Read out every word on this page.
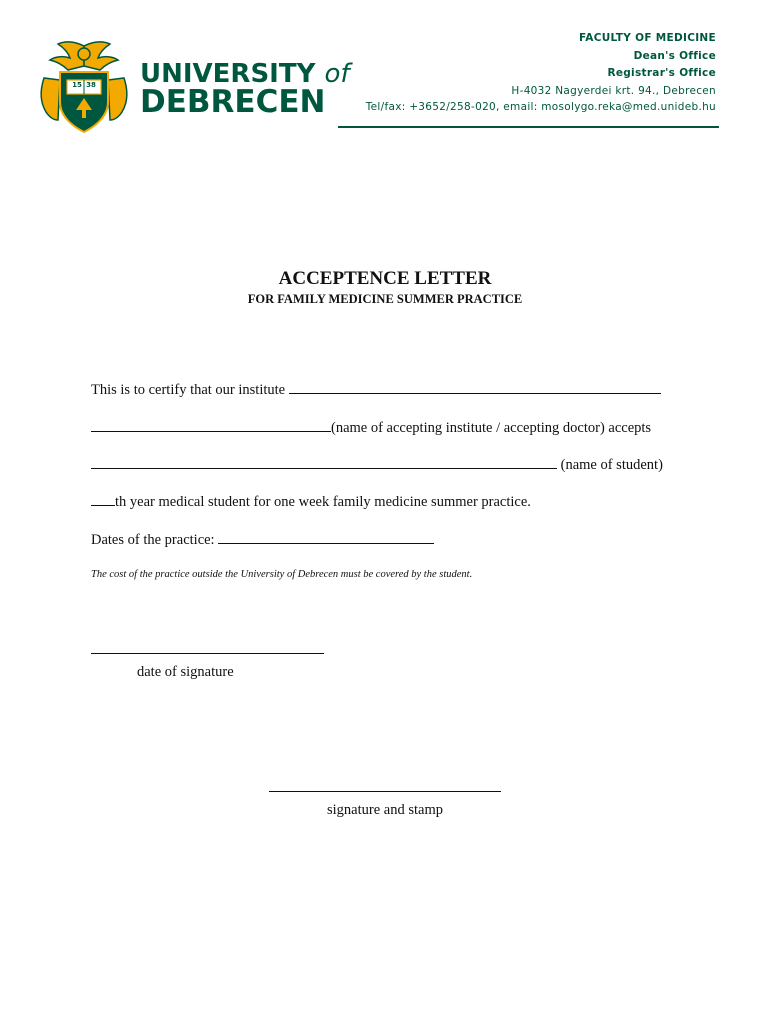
15 38 UNIVERSITY of
DEBRECEN
FACULTY OF MEDICINE
Dean's Office
Registrar's Office
H-4032 Nagyerdei krt. 94., Debrecen
Tel/fax: +3652/258-020, email: mosolygo.reka@med.unideb.hu
ACCEPTENCE LETTER
FOR FAMILY MEDICINE SUMMER PRACTICE
This is to certify that our institute
(name of accepting institute / accepting doctor) accepts
(name of student)
th year medical student for one week family medicine summer practice.
Dates of the practice:
The cost of the practice outside the University of Debrecen must be covered by the student.
date of signature
signature and stamp
